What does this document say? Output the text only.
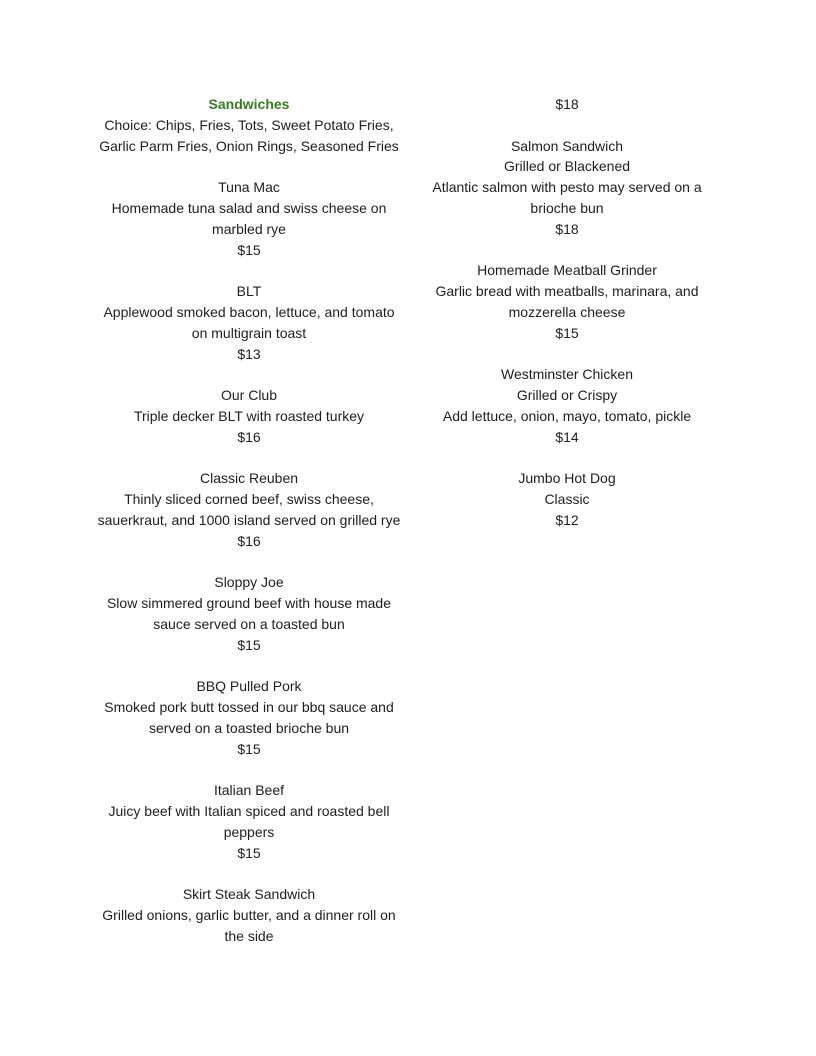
Sandwiches
Choice: Chips, Fries, Tots, Sweet Potato Fries,
Garlic Parm Fries, Onion Rings, Seasoned Fries
Tuna Mac
Homemade tuna salad and swiss cheese on
marbled rye
$15
BLT
Applewood smoked bacon, lettuce, and tomato
on multigrain toast
$13
Our Club
Triple decker BLT with roasted turkey
$16
Classic Reuben
Thinly sliced corned beef, swiss cheese,
sauerkraut, and 1000 island served on grilled rye
$16
Sloppy Joe
Slow simmered ground beef with house made
sauce served on a toasted bun
$15
BBQ Pulled Pork
Smoked pork butt tossed in our bbq sauce and
served on a toasted brioche bun
$15
Italian Beef
Juicy beef with Italian spiced and roasted bell
peppers
$15
Skirt Steak Sandwich
Grilled onions, garlic butter, and a dinner roll on
the side
$18
Salmon Sandwich
Grilled or Blackened
Atlantic salmon with pesto may served on a
brioche bun
$18
Homemade Meatball Grinder
Garlic bread with meatballs, marinara, and
mozzerella cheese
$15
Westminster Chicken
Grilled or Crispy
Add lettuce, onion, mayo, tomato, pickle
$14
Jumbo Hot Dog
Classic
$12
